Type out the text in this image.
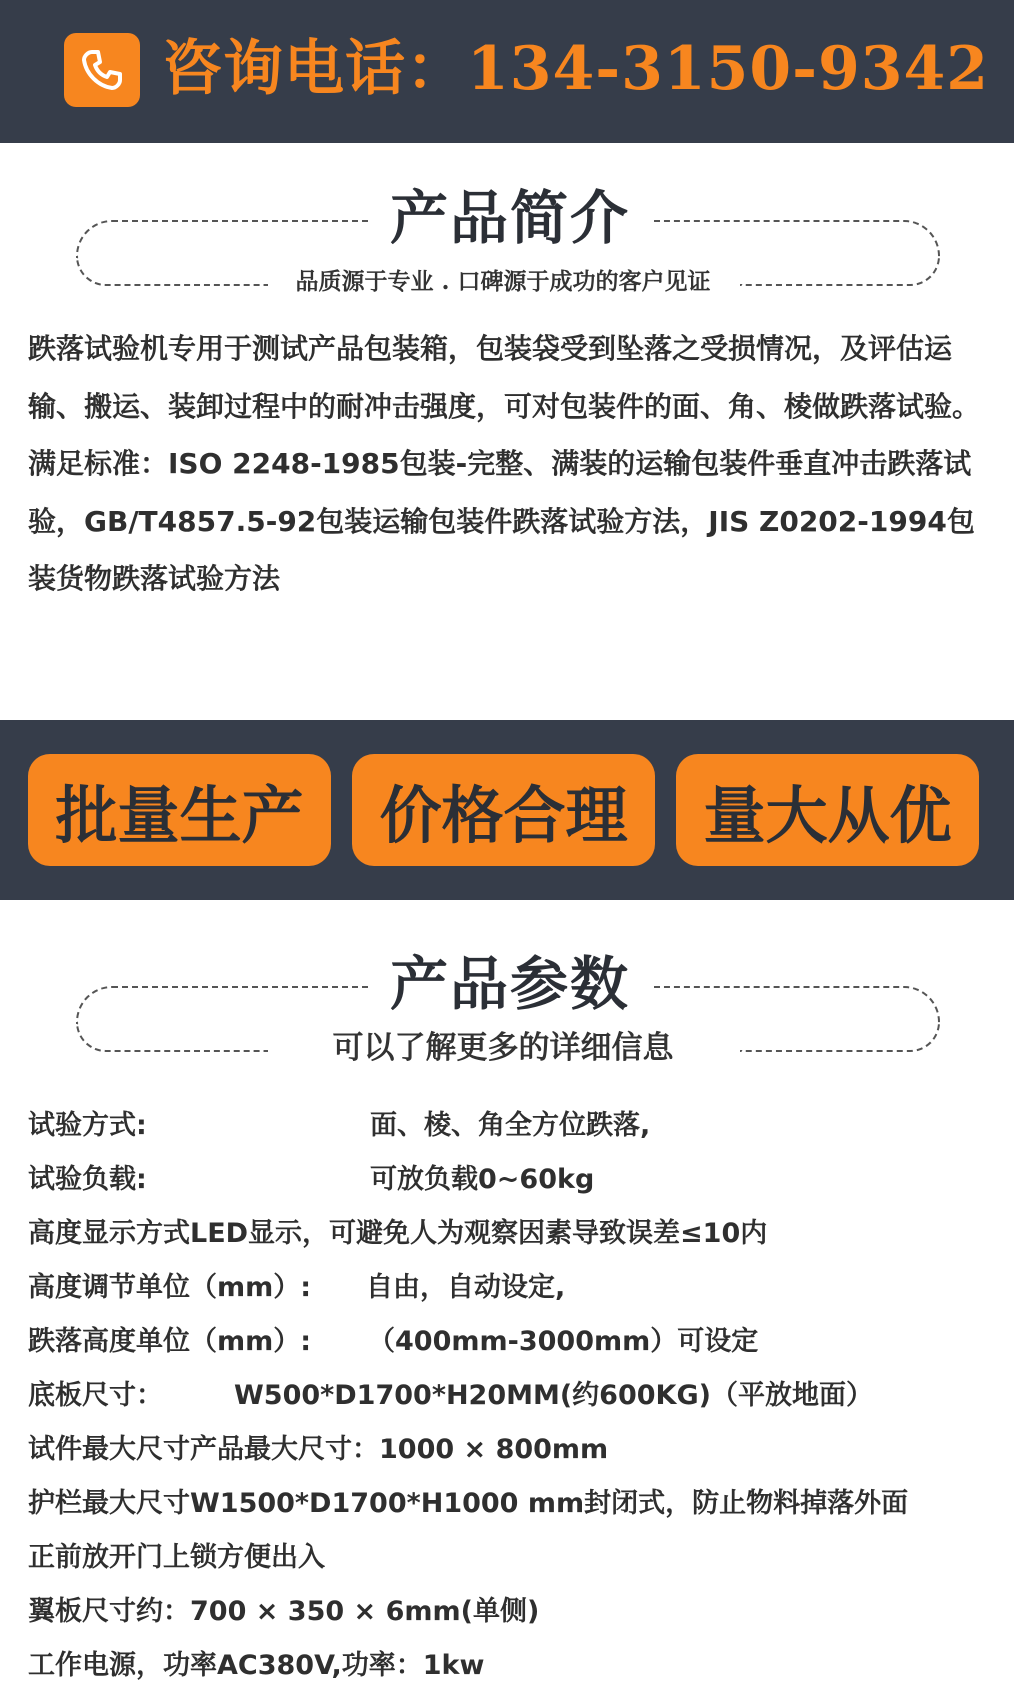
咨询电话：134-3150-9342
产品简介
品质源于专业 . 口碑源于成功的客户见证

跌落试验机专用于测试产品包装箱，包装袋受到坠落之受损情况，及评估运输、搬运、装卸过程中的耐冲击强度，可对包装件的面、角、棱做跌落试验。

满足标准：ISO 2248-1985包装-完整、满装的运输包装件垂直冲击跌落试验，GB/T4857.5-92包装运输包装件跌落试验方法，JIS Z0202-1994包装货物跌落试验方法

批量生产	价格合理	量大从优
产品参数
可以了解更多的详细信息
试验方式:	面、棱、角全方位跌落,
试验负载:	可放负载0~60kg
高度显示方式LED显示，可避免人为观察因素导致误差≤10内
高度调节单位（mm）: 自由，自动设定,
跌落高度单位（mm）: （400mm-3000mm）可设定
底板尺寸：	W500*D1700*H20MM(约600KG)（平放地面）
试件最大尺寸产品最大尺寸：1000 × 800mm
护栏最大尺寸W1500*D1700*H1000 mm封闭式，防止物料掉落外面
正前放开门上锁方便出入
翼板尺寸约：700 × 350 × 6mm(单侧)
工作电源，功率AC380V,功率：1kw
